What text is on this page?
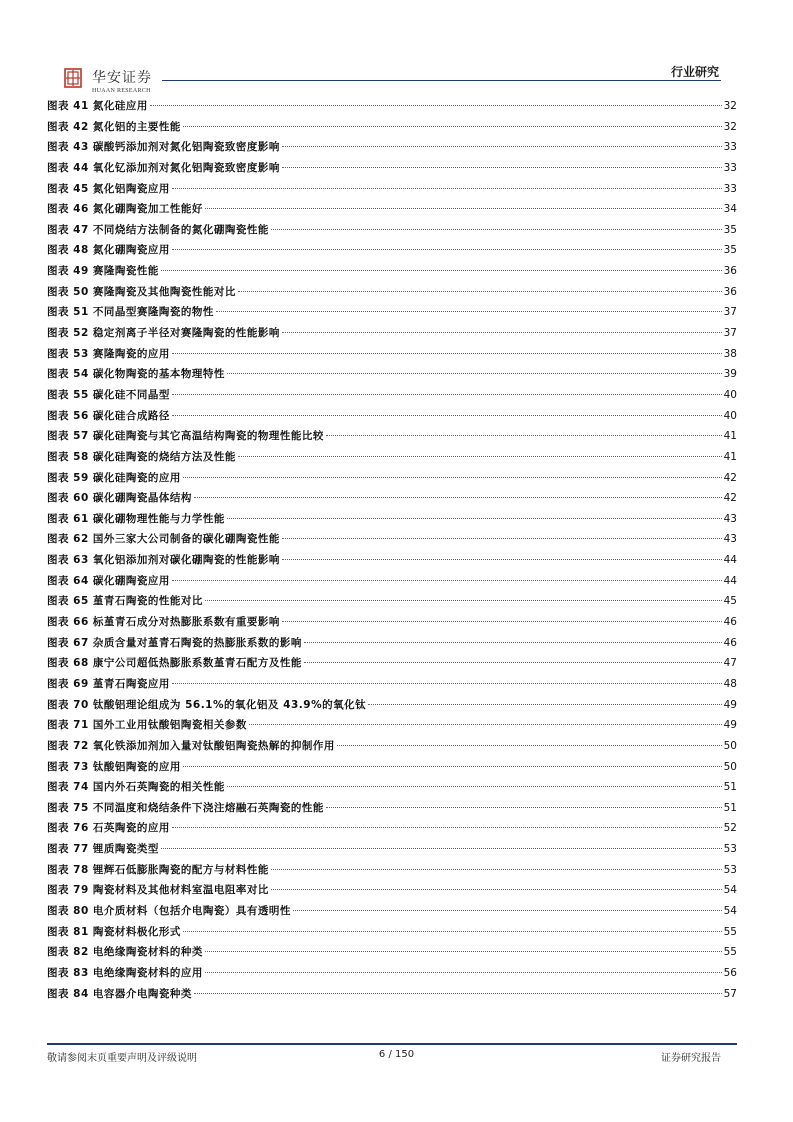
华安证券
HUAAN RESEARCH
行业研究
图表 41 氮化硅应用	32
图表 42 氮化铝的主要性能	32
图表 43 碳酸钙添加剂对氮化铝陶瓷致密度影响	33
图表 44 氧化钇添加剂对氮化铝陶瓷致密度影响	33
图表 45 氮化铝陶瓷应用	33
图表 46 氮化硼陶瓷加工性能好	34
图表 47 不同烧结方法制备的氮化硼陶瓷性能	35
图表 48 氮化硼陶瓷应用	35
图表 49 赛隆陶瓷性能	36
图表 50 赛隆陶瓷及其他陶瓷性能对比	36
图表 51 不同晶型赛隆陶瓷的物性	37
图表 52 稳定剂离子半径对赛隆陶瓷的性能影响	37
图表 53 赛隆陶瓷的应用	38
图表 54 碳化物陶瓷的基本物理特性	39
图表 55 碳化硅不同晶型	40
图表 56 碳化硅合成路径	40
图表 57 碳化硅陶瓷与其它高温结构陶瓷的物理性能比较	41
图表 58 碳化硅陶瓷的烧结方法及性能	41
图表 59 碳化硅陶瓷的应用	42
图表 60 碳化硼陶瓷晶体结构	42
图表 61 碳化硼物理性能与力学性能	43
图表 62 国外三家大公司制备的碳化硼陶瓷性能	43
图表 63 氧化铝添加剂对碳化硼陶瓷的性能影响	44
图表 64 碳化硼陶瓷应用	44
图表 65 堇青石陶瓷的性能对比	45
图表 66 标堇青石成分对热膨胀系数有重要影响	46
图表 67 杂质含量对堇青石陶瓷的热膨胀系数的影响	46
图表 68 康宁公司超低热膨胀系数堇青石配方及性能	47
图表 69 堇青石陶瓷应用	48
图表 70 钛酸铝理论组成为 56.1%的氧化铝及 43.9%的氧化钛	49
图表 71 国外工业用钛酸铝陶瓷相关参数	49
图表 72 氧化铁添加剂加入量对钛酸铝陶瓷热解的抑制作用	50
图表 73 钛酸铝陶瓷的应用	50
图表 74 国内外石英陶瓷的相关性能	51
图表 75 不同温度和烧结条件下浇注熔融石英陶瓷的性能	51
图表 76 石英陶瓷的应用	52
图表 77 锂质陶瓷类型	53
图表 78 锂辉石低膨胀陶瓷的配方与材料性能	53
图表 79 陶瓷材料及其他材料室温电阻率对比	54
图表 80 电介质材料（包括介电陶瓷）具有透明性	54
图表 81 陶瓷材料极化形式	55
图表 82 电绝缘陶瓷材料的种类	55
图表 83 电绝缘陶瓷材料的应用	56
图表 84 电容器介电陶瓷种类	57
敬请参阅末页重要声明及评级说明	6 / 150	证券研究报告
